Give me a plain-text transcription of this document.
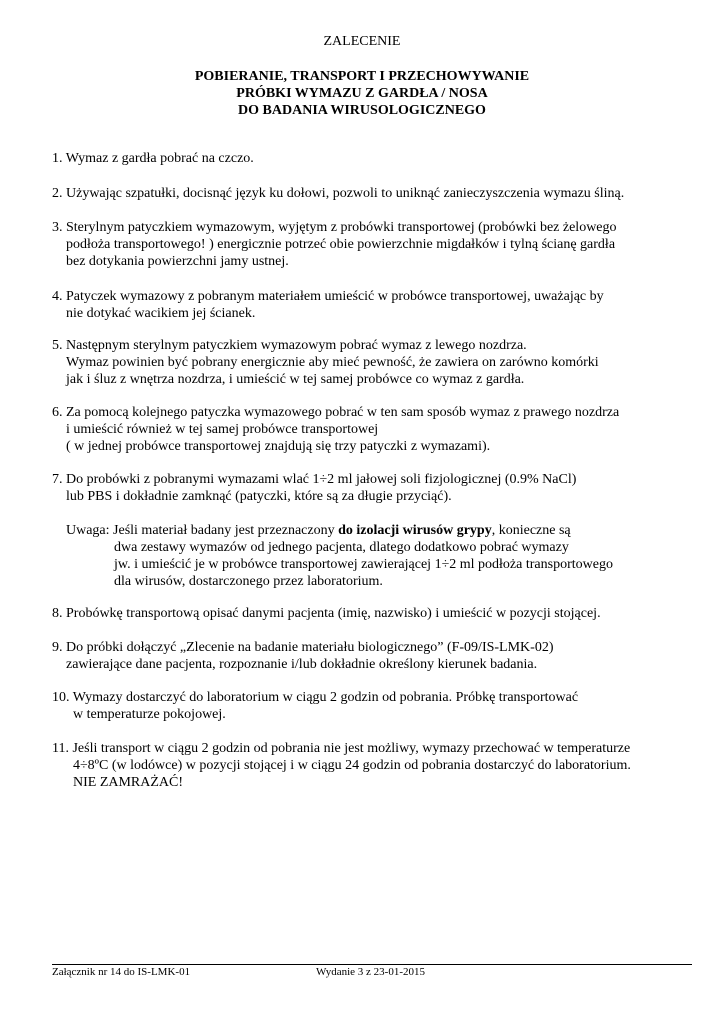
ZALECENIE
POBIERANIE, TRANSPORT I PRZECHOWYWANIE
PRÓBKI WYMAZU Z GARDŁA / NOSA
DO BADANIA WIRUSOLOGICZNEGO
1. Wymaz z gardła pobrać na czczo.
2. Używając szpatułki, docisnąć język ku dołowi, pozwoli to uniknąć zanieczyszczenia wymazu śliną.
3. Sterylnym patyczkiem wymazowym, wyjętym z probówki transportowej (probówki bez żelowego
podłoża transportowego! ) energicznie potrzeć obie powierzchnie migdałków i tylną ścianę gardła
bez dotykania powierzchni jamy ustnej.
4. Patyczek wymazowy z pobranym materiałem umieścić w probówce transportowej, uważając by
nie dotykać wacikiem jej ścianek.
5. Następnym sterylnym patyczkiem wymazowym pobrać wymaz z lewego nozdrza.
Wymaz powinien być pobrany energicznie aby mieć pewność, że zawiera on zarówno komórki
jak i śluz z wnętrza nozdrza, i umieścić w tej samej probówce co wymaz z gardła.
6. Za pomocą kolejnego patyczka wymazowego pobrać w ten sam sposób wymaz z prawego nozdrza
i umieścić również w tej samej probówce transportowej
( w jednej probówce transportowej znajdują się trzy patyczki z wymazami).
7. Do probówki z pobranymi wymazami wlać 1÷2 ml jałowej soli fizjologicznej (0.9% NaCl)
lub PBS i dokładnie zamknąć (patyczki, które są za długie przyciąć).
Uwaga: Jeśli materiał badany jest przeznaczony do izolacji wirusów grypy, konieczne są
dwa zestawy wymazów od jednego pacjenta, dlatego dodatkowo pobrać wymazy
jw. i umieścić je w probówce transportowej zawierającej 1÷2 ml podłoża transportowego
dla wirusów, dostarczonego przez laboratorium.
8. Probówkę transportową opisać danymi pacjenta (imię, nazwisko) i umieścić w pozycji stojącej.
9. Do próbki dołączyć „Zlecenie na badanie materiału biologicznego” (F-09/IS-LMK-02)
zawierające dane pacjenta, rozpoznanie i/lub dokładnie określony kierunek badania.
10. Wymazy dostarczyć do laboratorium w ciągu 2 godzin od pobrania. Próbkę transportować
w temperaturze pokojowej.
11. Jeśli transport w ciągu 2 godzin od pobrania nie jest możliwy, wymazy przechować w temperaturze
4÷8ºC (w lodówce) w pozycji stojącej i w ciągu 24 godzin od pobrania dostarczyć do laboratorium.
NIE ZAMRAŻAĆ!
Załącznik nr 14 do IS-LMK-01	Wydanie 3 z 23-01-2015
